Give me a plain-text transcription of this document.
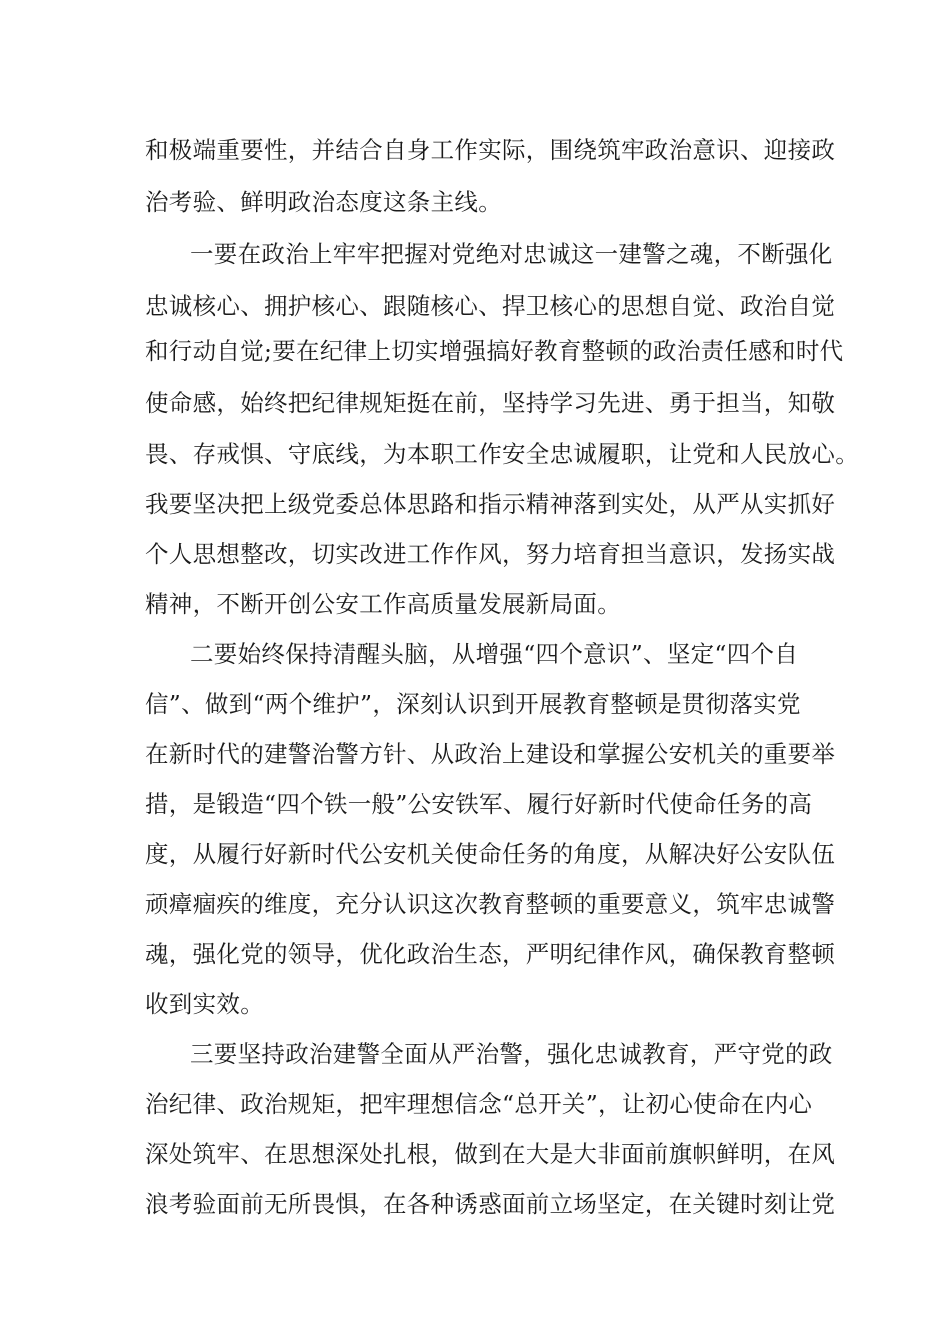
和极端重要性，并结合自身工作实际，围绕筑牢政治意识、迎接政
治考验、鲜明政治态度这条主线。
一要在政治上牢牢把握对党绝对忠诚这一建警之魂，不断强化
忠诚核心、拥护核心、跟随核心、捍卫核心的思想自觉、政治自觉
和行动自觉;要在纪律上切实增强搞好教育整顿的政治责任感和时代
使命感，始终把纪律规矩挺在前，坚持学习先进、勇于担当，知敬
畏、存戒惧、守底线，为本职工作安全忠诚履职，让党和人民放心。
我要坚决把上级党委总体思路和指示精神落到实处，从严从实抓好
个人思想整改，切实改进工作作风，努力培育担当意识，发扬实战
精神，不断开创公安工作高质量发展新局面。
二要始终保持清醒头脑，从增强“四个意识”、坚定“四个自
信”、做到“两个维护”，深刻认识到开展教育整顿是贯彻落实党
在新时代的建警治警方针、从政治上建设和掌握公安机关的重要举
措，是锻造“四个铁一般”公安铁军、履行好新时代使命任务的高
度，从履行好新时代公安机关使命任务的角度，从解决好公安队伍
顽瘴痼疾的维度，充分认识这次教育整顿的重要意义，筑牢忠诚警
魂，强化党的领导，优化政治生态，严明纪律作风，确保教育整顿
收到实效。
三要坚持政治建警全面从严治警，强化忠诚教育，严守党的政
治纪律、政治规矩，把牢理想信念“总开关”，让初心使命在内心
深处筑牢、在思想深处扎根，做到在大是大非面前旗帜鲜明，在风
浪考验面前无所畏惧，在各种诱惑面前立场坚定，在关键时刻让党
